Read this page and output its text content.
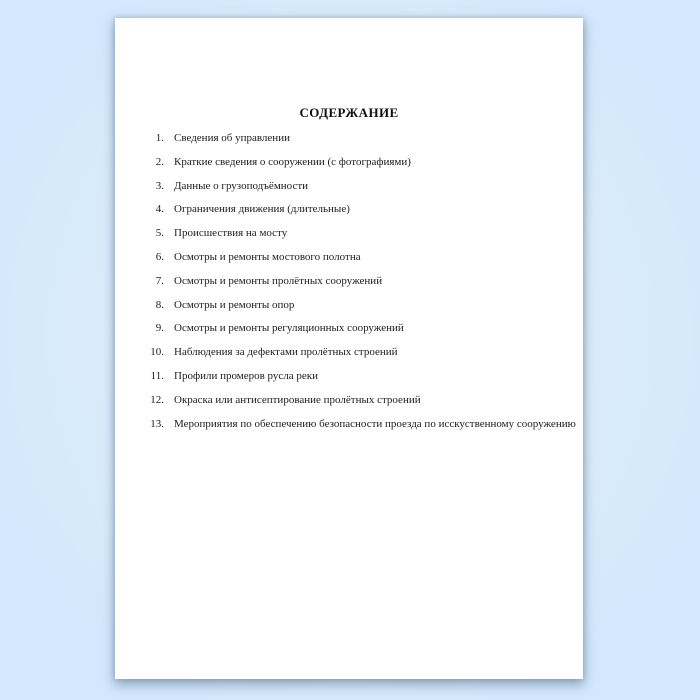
СОДЕРЖАНИЕ
1. Сведения об управлении
2. Краткие сведения о сооружении (с фотографиями)
3. Данные о грузоподъёмности
4. Ограничения движения (длительные)
5. Происшествия на мосту
6. Осмотры и ремонты мостового полотна
7. Осмотры и ремонты пролётных сооружений
8. Осмотры и ремонты опор
9. Осмотры и ремонты регуляционных сооружений
10. Наблюдения за дефектами пролётных строений
11. Профили промеров русла реки
12. Окраска или антисептирование пролётных строений
13. Мероприятия по обеспечению безопасности проезда по исскуственному сооружению
